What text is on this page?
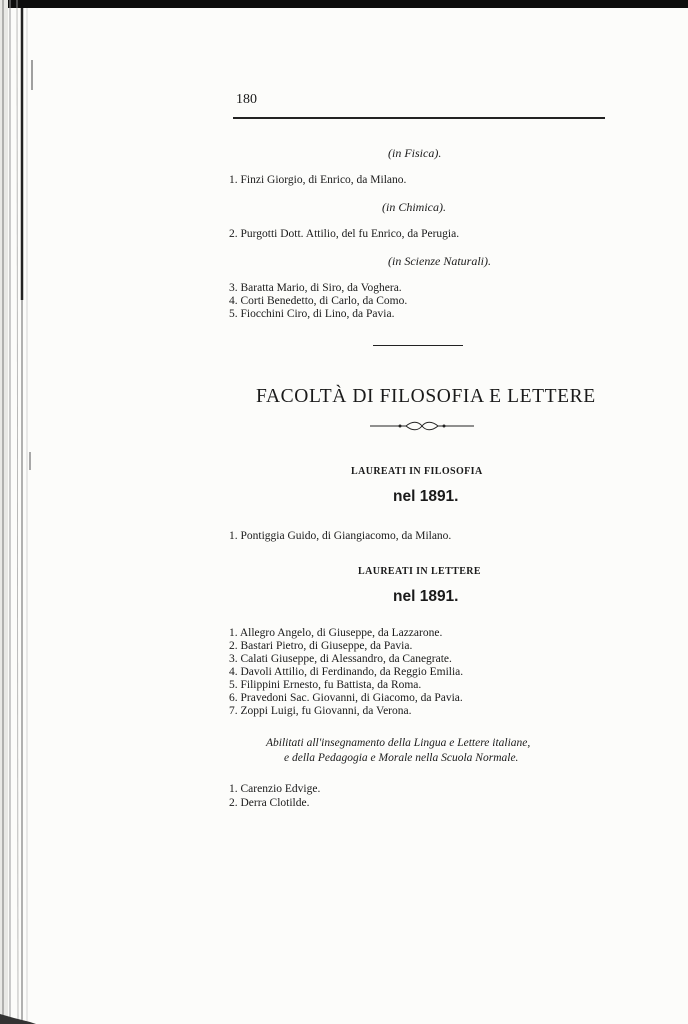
180
(in Fisica).
1. Finzi Giorgio, di Enrico, da Milano.
(in Chimica).
2. Purgotti Dott. Attilio, del fu Enrico, da Perugia.
(in Scienze Naturali).
3. Baratta Mario, di Siro, da Voghera.
4. Corti Benedetto, di Carlo, da Como.
5. Fiocchini Ciro, di Lino, da Pavia.
FACOLTÀ DI FILOSOFIA E LETTERE
LAUREATI IN FILOSOFIA
nel 1891.
1. Pontiggia Guido, di Giangiacomo, da Milano.
LAUREATI IN LETTERE
nel 1891.
1. Allegro Angelo, di Giuseppe, da Lazzarone.
2. Bastari Pietro, di Giuseppe, da Pavia.
3. Calati Giuseppe, di Alessandro, da Canegrate.
4. Davoli Attilio, di Ferdinando, da Reggio Emilia.
5. Filippini Ernesto, fu Battista, da Roma.
6. Pravedoni Sac. Giovanni, di Giacomo, da Pavia.
7. Zoppi Luigi, fu Giovanni, da Verona.
Abilitati all'insegnamento della Lingua e Lettere italiane,
e della Pedagogia e Morale nella Scuola Normale.
1. Carenzio Edvige.
2. Derra Clotilde.
